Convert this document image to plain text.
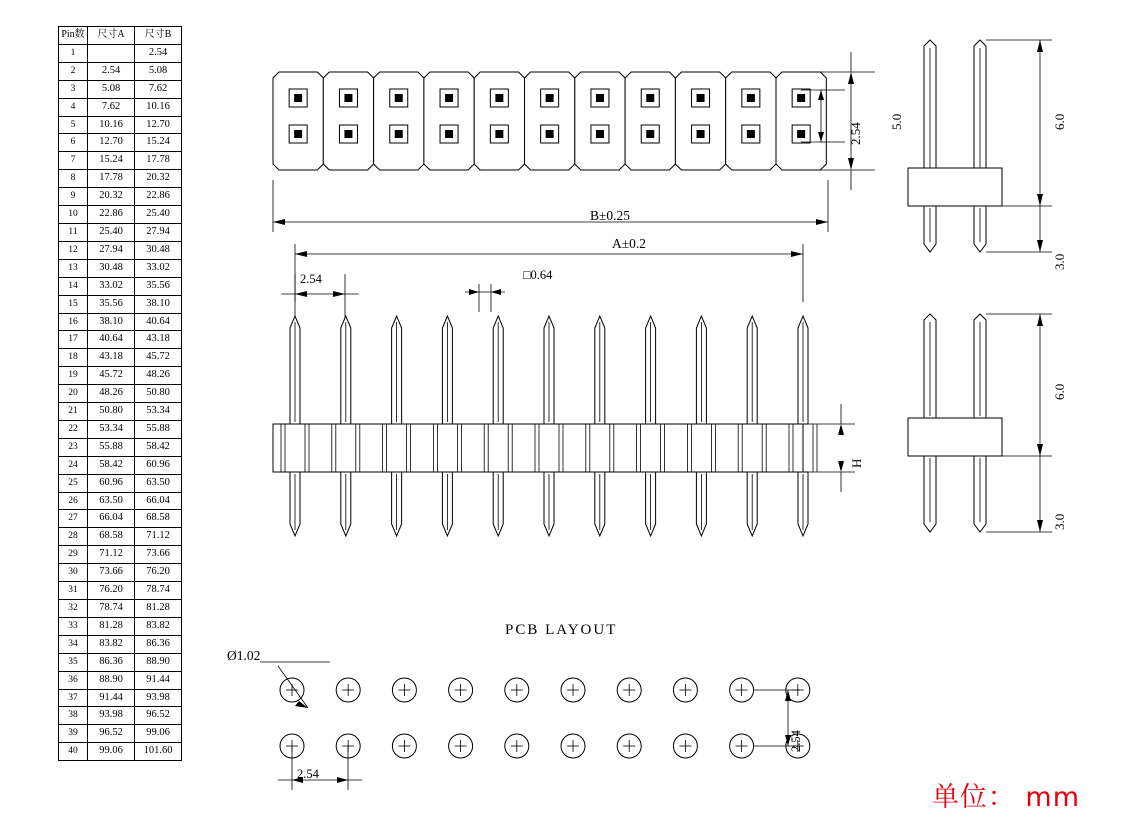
Pin数	尺寸A	尺寸B
1		2.54
2	2.54	5.08
3	5.08	7.62
4	7.62	10.16
5	10.16	12.70
6	12.70	15.24
7	15.24	17.78
8	17.78	20.32
9	20.32	22.86
10	22.86	25.40
11	25.40	27.94
12	27.94	30.48
13	30.48	33.02
14	33.02	35.56
15	35.56	38.10
16	38.10	40.64
17	40.64	43.18
18	43.18	45.72
19	45.72	48.26
20	48.26	50.80
21	50.80	53.34
22	53.34	55.88
23	55.88	58.42
24	58.42	60.96
25	60.96	63.50
26	63.50	66.04
27	66.04	68.58
28	68.58	71.12
29	71.12	73.66
30	73.66	76.20
31	76.20	78.74
32	78.74	81.28
33	81.28	83.82
34	83.82	86.36
35	86.36	88.90
36	88.90	91.44
37	91.44	93.98
38	93.98	96.52
39	96.52	99.06
40	99.06	101.60
B±0.25
2.54
5.0
A±0.2
2.54	□0.64
H
6.0
3.0
6.0
3.0
PCB LAYOUT
Ø1.02
2.54
2.54
单位： mm
